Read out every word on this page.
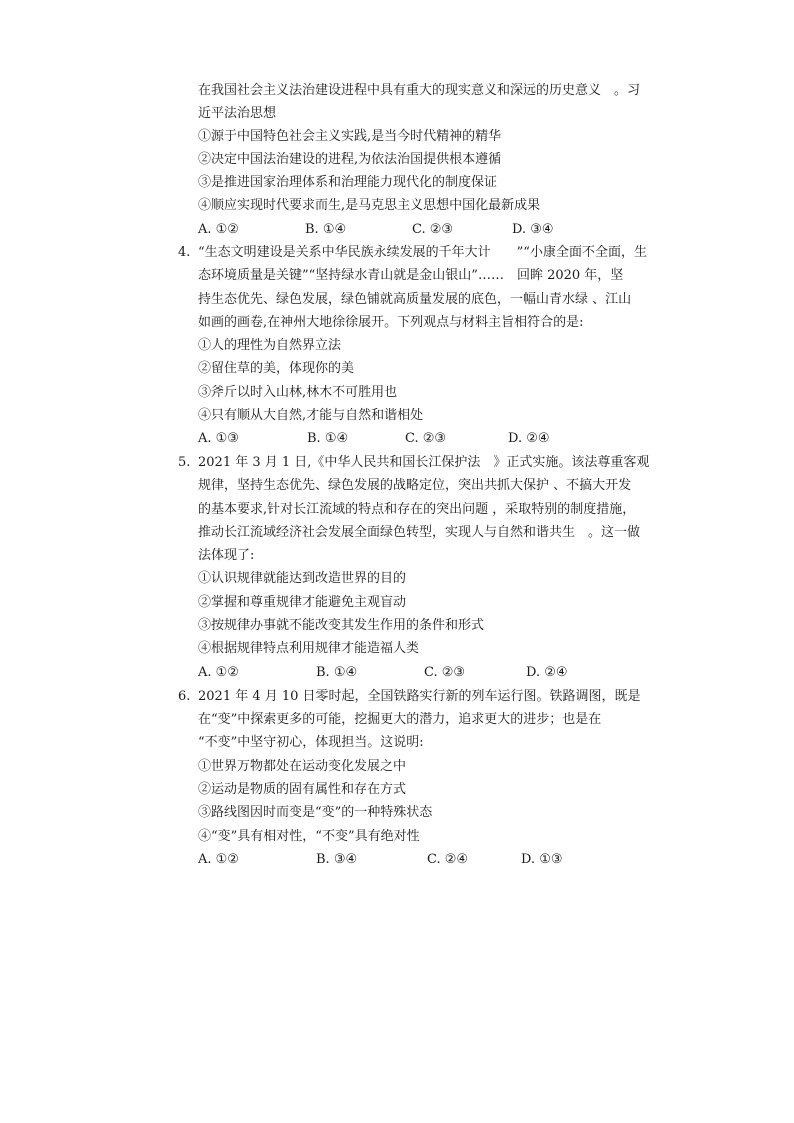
在我国社会主义法治建设进程中具有重大的现实意义和深远的历史意义　。习
近平法治思想
①源于中国特色社会主义实践,是当今时代精神的精华
②决定中国法治建设的进程,为依法治国提供根本遵循
③是推进国家治理体系和治理能力现代化的制度保证
④顺应实现时代要求而生,是马克思主义思想中国化最新成果
A. ①②	B. ①④	C. ②③	D. ③④
4. “生态文明建设是关系中华民族永续发展的千年大计　　”“小康全面不全面，生
态环境质量是关键”“坚持绿水青山就是金山银山”……　回眸 2020 年，坚
持生态优先、绿色发展，绿色铺就高质量发展的底色，一幅山青水绿 、江山
如画的画卷,在神州大地徐徐展开。下列观点与材料主旨相符合的是:
①人的理性为自然界立法
②留住草的美，体现你的美
③斧斤以时入山林,林木不可胜用也
④只有顺从大自然,才能与自然和谐相处
A. ①③	B. ①④	C. ②③	D. ②④
5. 2021 年 3 月 1 日,《中华人民共和国长江保护法　》正式实施。该法尊重客观
规律，坚持生态优先、绿色发展的战略定位，突出共抓大保护 、不搞大开发
的基本要求,针对长江流域的特点和存在的突出问题 ，采取特别的制度措施，
推动长江流域经济社会发展全面绿色转型，实现人与自然和谐共生　。这一做
法体现了:
①认识规律就能达到改造世界的目的
②掌握和尊重规律才能避免主观盲动
③按规律办事就不能改变其发生作用的条件和形式
④根据规律特点利用规律才能造福人类
A. ①②	B. ①④	C. ②③	D. ②④
6. 2021 年 4 月 10 日零时起，全国铁路实行新的列车运行图。铁路调图，既是
在“变”中探索更多的可能，挖掘更大的潜力，追求更大的进步；也是在
“不变”中坚守初心，体现担当。这说明:
①世界万物都处在运动变化发展之中
②运动是物质的固有属性和存在方式
③路线图因时而变是“变”的一种特殊状态
④“变”具有相对性，“不变”具有绝对性
A. ①②	B. ③④	C. ②④	D. ①③
